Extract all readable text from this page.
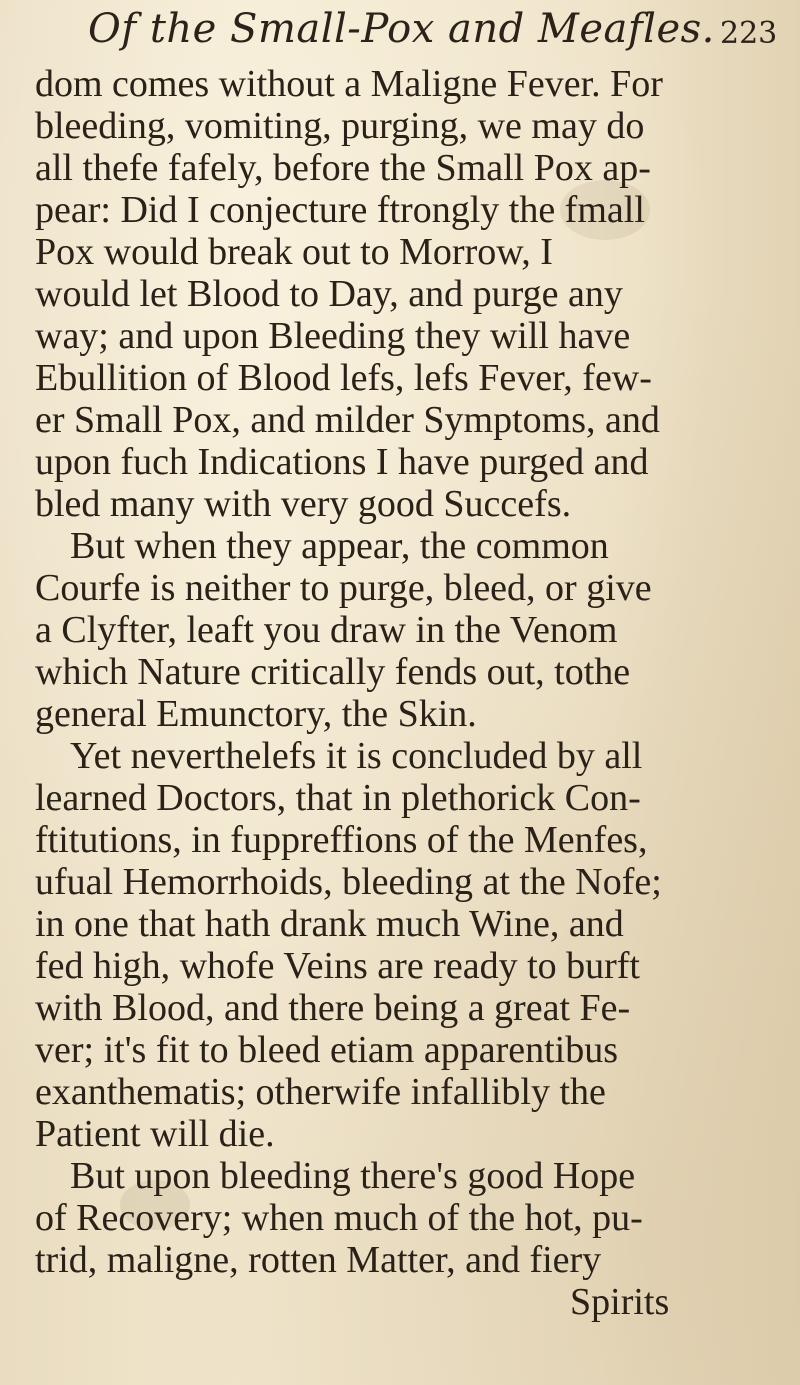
Of the Small-Pox and Meafles. 223
dom comes without a Maligne Fever. For
bleeding, vomiting, purging, we may do
all thefe fafely, before the Small Pox ap-
pear: Did I conjecture ftrongly the fmall
Pox would break out to Morrow, I
would let Blood to Day, and purge any
way; and upon Bleeding they will have
Ebullition of Blood lefs, lefs Fever, few-
er Small Pox, and milder Symptoms, and
upon fuch Indications I have purged and
bled many with very good Succefs.
But when they appear, the common
Courfe is neither to purge, bleed, or give
a Clyfter, leaft you draw in the Venom
which Nature critically fends out, tothe
general Emunctory, the Skin.
Yet neverthelefs it is concluded by all
learned Doctors, that in plethorick Con-
ftitutions, in fuppreffions of the Menfes,
ufual Hemorrhoids, bleeding at the Nofe;
in one that hath drank much Wine, and
fed high, whofe Veins are ready to burft
with Blood, and there being a great Fe-
ver; it's fit to bleed etiam apparentibus
exanthematis; otherwife infallibly the
Patient will die.
But upon bleeding there's good Hope
of Recovery; when much of the hot, pu-
trid, maligne, rotten Matter, and fiery
Spirits
